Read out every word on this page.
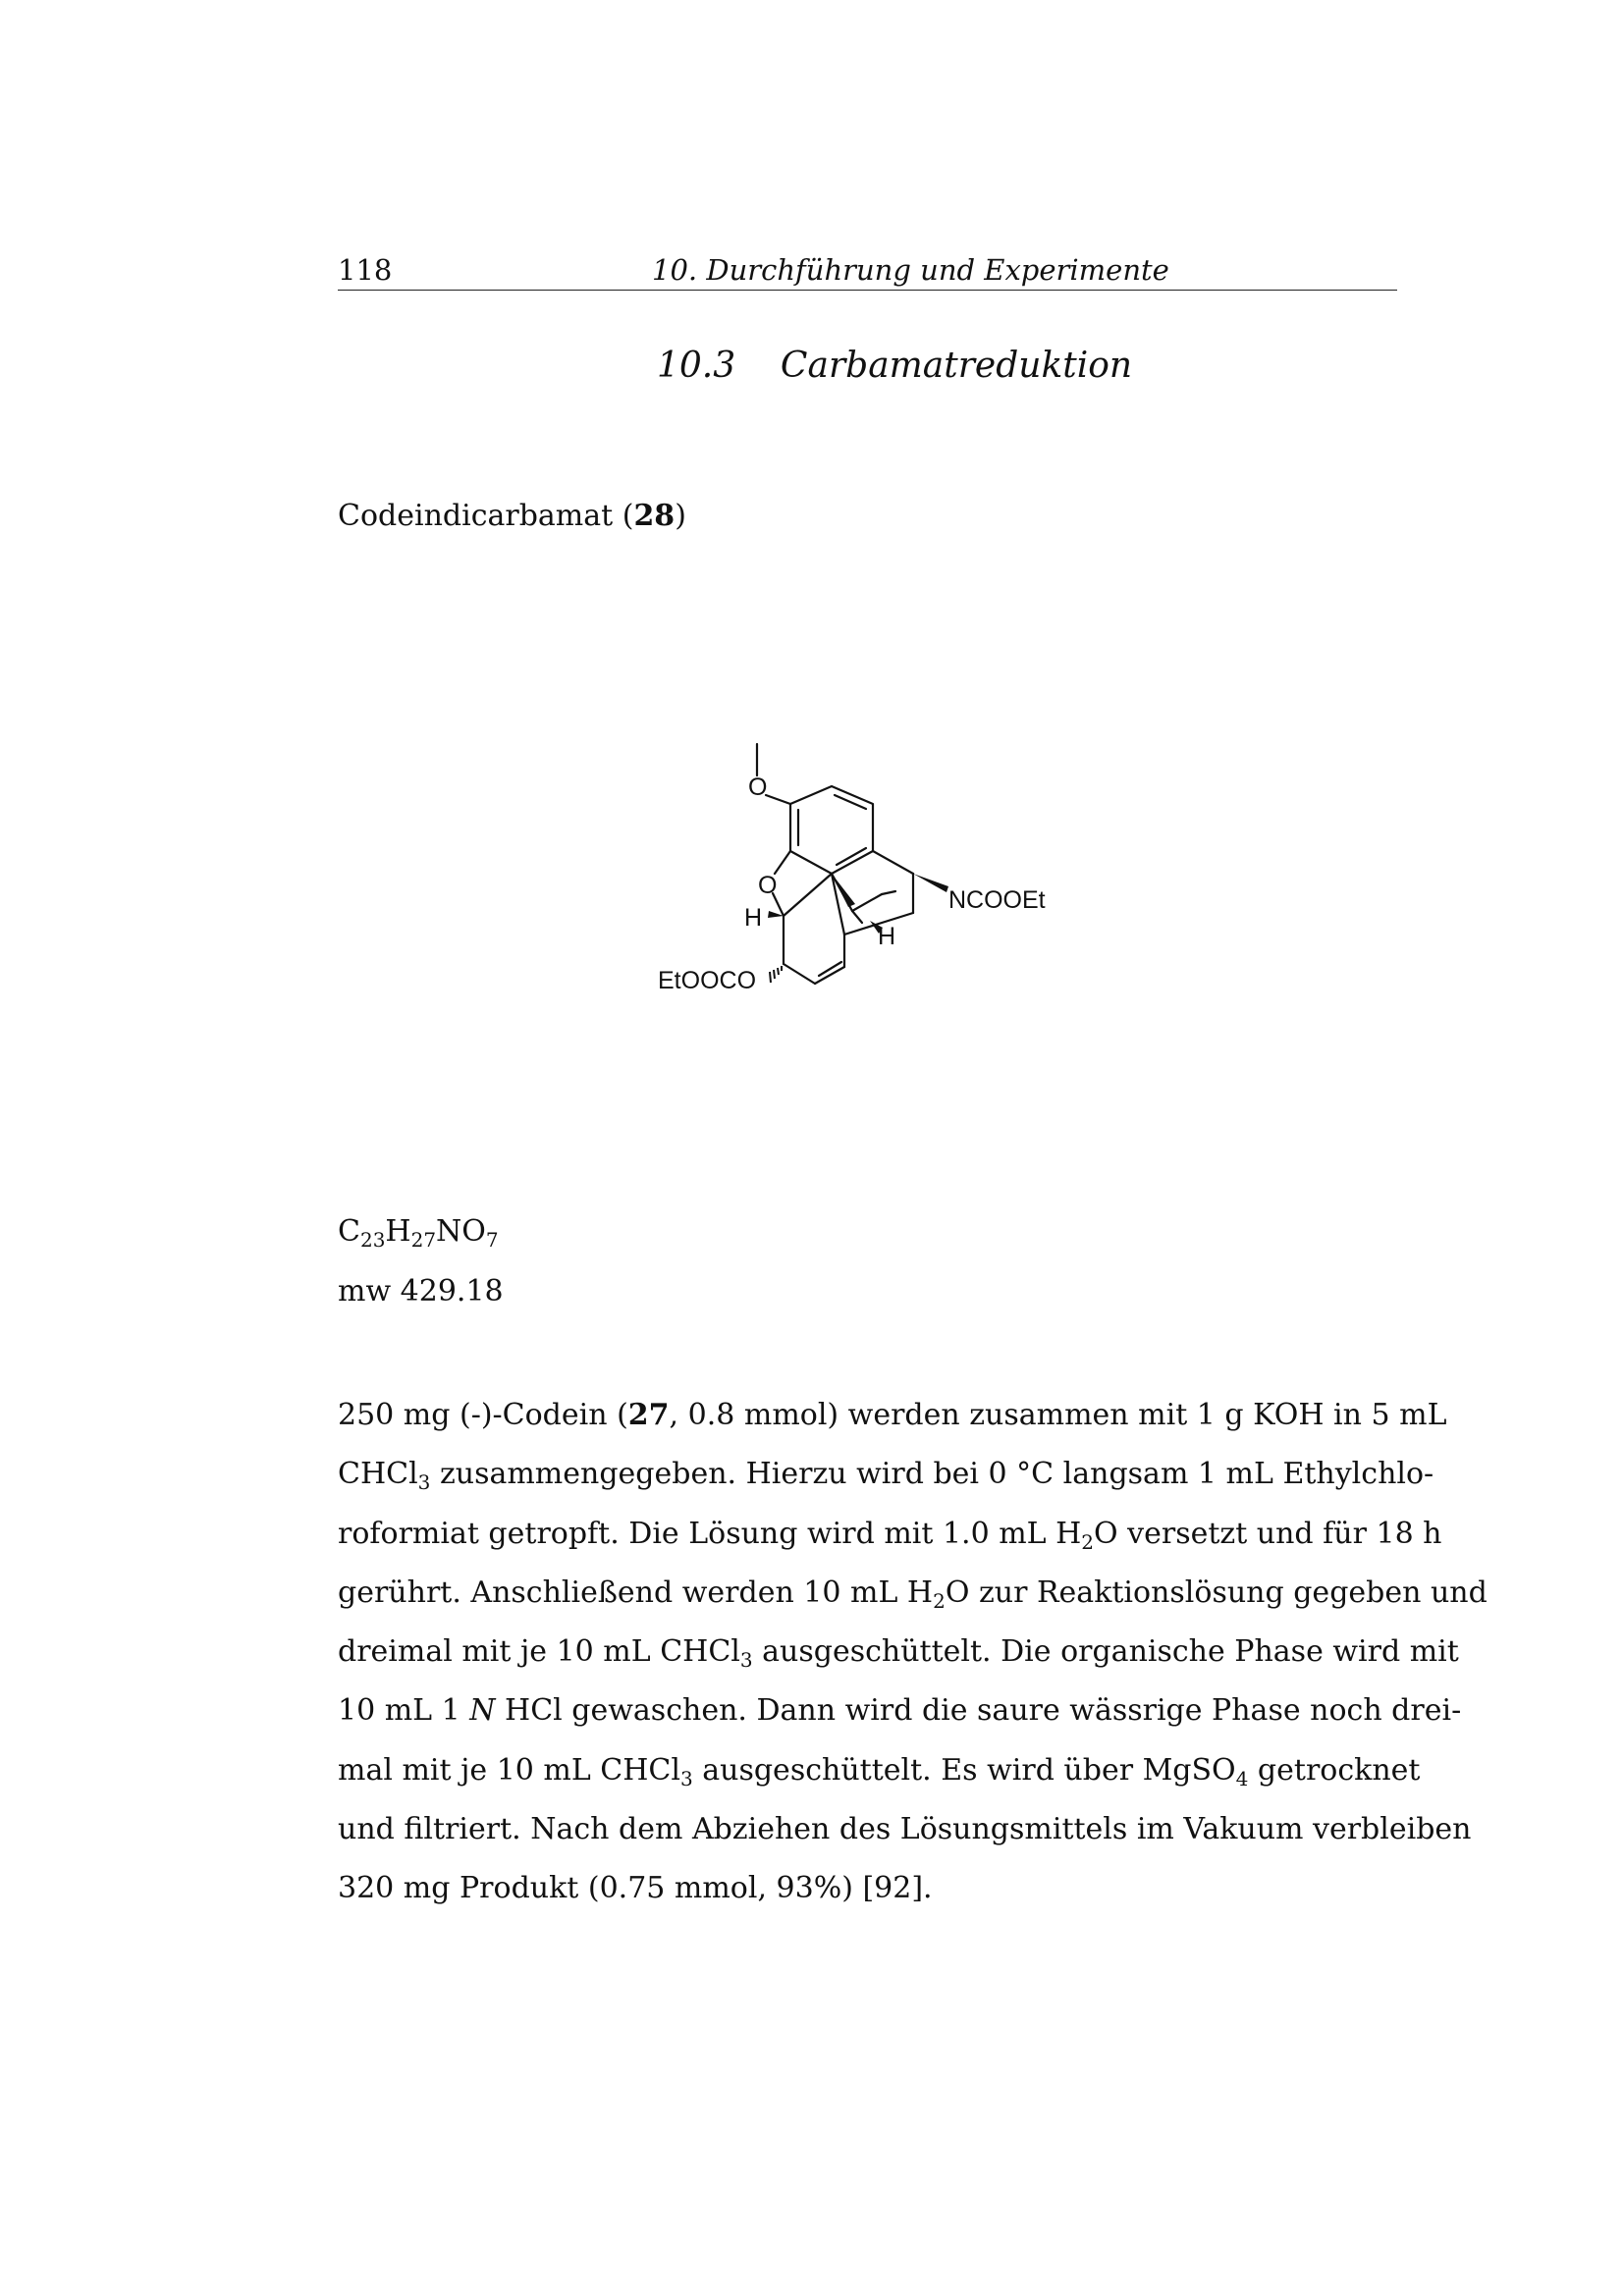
118	10. Durchführung und Experimente
10.3    Carbamatreduktion
Codeindicarbamat (28)
O
O
H
H
NCOOEt
EtOOCO
$C_{23}H_{27}NO_7$
mw 429.18
250 mg (-)-Codein (27, 0.8 mmol) werden zusammen mit 1 g KOH in 5 mL
CHCl$_3$ zusammengegeben. Hierzu wird bei 0 °C langsam 1 mL Ethylchlo-
roformiat getropft. Die Lösung wird mit 1.0 mL $H_2O$ versetzt und für 18 h
gerührt. Anschließend werden 10 mL $H_2O$ zur Reaktionslösung gegeben und
dreimal mit je 10 mL CHCl$_3$ ausgeschüttelt. Die organische Phase wird mit
10 mL 1 N HCl gewaschen. Dann wird die saure wässrige Phase noch drei-
mal mit je 10 mL CHCl$_3$ ausgeschüttelt. Es wird über MgSO$_4$ getrocknet
und filtriert. Nach dem Abziehen des Lösungsmittels im Vakuum verbleiben
320 mg Produkt (0.75 mmol, 93%) [92].
